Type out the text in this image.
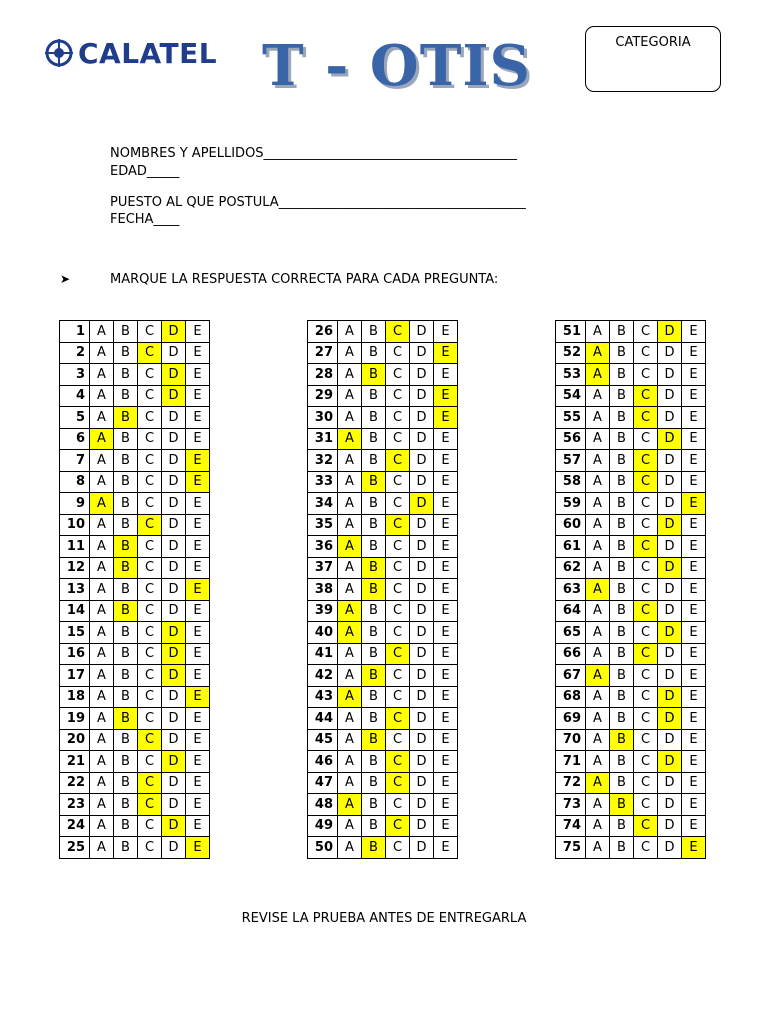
CALATEL T - OTIS	CATEGORIA
NOMBRES Y APELLIDOS_______________________________________
EDAD_____
PUESTO AL QUE POSTULA______________________________________
FECHA____
➤	MARQUE LA RESPUESTA CORRECTA PARA CADA PREGUNTA:
1	A	B	C	D	E
2	A	B	C	D	E
3	A	B	C	D	E
4	A	B	C	D	E
5	A	B	C	D	E
6	A	B	C	D	E
7	A	B	C	D	E
8	A	B	C	D	E
9	A	B	C	D	E
10	A	B	C	D	E
11	A	B	C	D	E
12	A	B	C	D	E
13	A	B	C	D	E
14	A	B	C	D	E
15	A	B	C	D	E
16	A	B	C	D	E
17	A	B	C	D	E
18	A	B	C	D	E
19	A	B	C	D	E
20	A	B	C	D	E
21	A	B	C	D	E
22	A	B	C	D	E
23	A	B	C	D	E
24	A	B	C	D	E
25	A	B	C	D	E
26	A	B	C	D	E
27	A	B	C	D	E
28	A	B	C	D	E
29	A	B	C	D	E
30	A	B	C	D	E
31	A	B	C	D	E
32	A	B	C	D	E
33	A	B	C	D	E
34	A	B	C	D	E
35	A	B	C	D	E
36	A	B	C	D	E
37	A	B	C	D	E
38	A	B	C	D	E
39	A	B	C	D	E
40	A	B	C	D	E
41	A	B	C	D	E
42	A	B	C	D	E
43	A	B	C	D	E
44	A	B	C	D	E
45	A	B	C	D	E
46	A	B	C	D	E
47	A	B	C	D	E
48	A	B	C	D	E
49	A	B	C	D	E
50	A	B	C	D	E
51	A	B	C	D	E
52	A	B	C	D	E
53	A	B	C	D	E
54	A	B	C	D	E
55	A	B	C	D	E
56	A	B	C	D	E
57	A	B	C	D	E
58	A	B	C	D	E
59	A	B	C	D	E
60	A	B	C	D	E
61	A	B	C	D	E
62	A	B	C	D	E
63	A	B	C	D	E
64	A	B	C	D	E
65	A	B	C	D	E
66	A	B	C	D	E
67	A	B	C	D	E
68	A	B	C	D	E
69	A	B	C	D	E
70	A	B	C	D	E
71	A	B	C	D	E
72	A	B	C	D	E
73	A	B	C	D	E
74	A	B	C	D	E
75	A	B	C	D	E
REVISE LA PRUEBA ANTES DE ENTREGARLA
